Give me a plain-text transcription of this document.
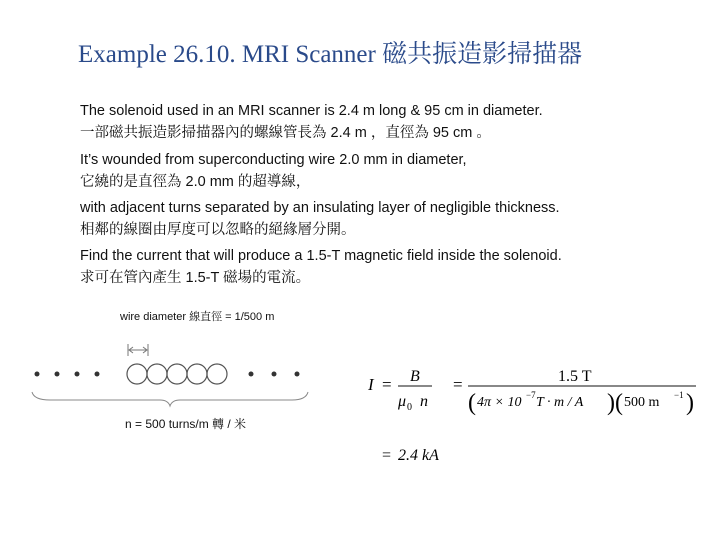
Example 26.10. MRI Scanner 磁共振造影掃描器
The solenoid used in an MRI scanner is 2.4 m long & 95 cm in diameter.
一部磁共振造影掃描器內的螺線管長為 2.4 m ，直徑為 95 cm 。
It’s wounded from superconducting wire 2.0 mm in diameter,
它繞的是直徑為 2.0 mm 的超導線，
with adjacent turns separated by an insulating layer of negligible thickness.
相鄰的線圈由厚度可以忽略的絕緣層分開。
Find the current that will produce a 1.5-T magnetic field inside the solenoid.
求可在管內產生 1.5-T 磁場的電流。
wire diameter 線直徑 = 1/500 m
n = 500 turns/m 轉 / 米
I = B
μ 0 n
=	1.5 T
( 4π × 10 −7 T · m / A ) ( 500 m −1 )
= 2.4 kA
